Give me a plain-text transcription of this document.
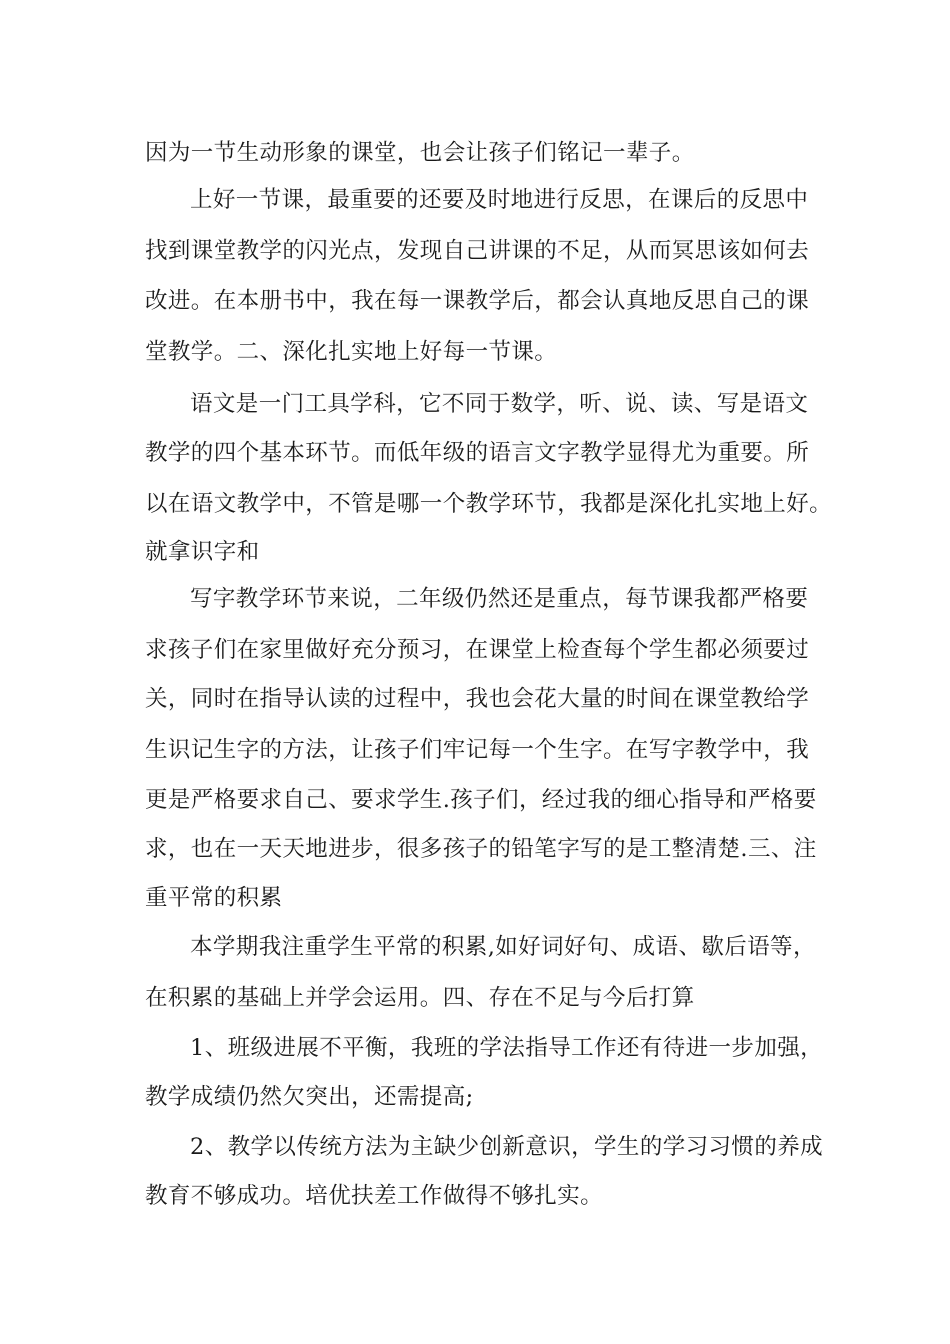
因为一节生动形象的课堂，也会让孩子们铭记一辈子。
上好一节课，最重要的还要及时地进行反思，在课后的反思中
找到课堂教学的闪光点，发现自己讲课的不足，从而冥思该如何去
改进。在本册书中，我在每一课教学后，都会认真地反思自己的课
堂教学。二、深化扎实地上好每一节课。
语文是一门工具学科，它不同于数学，听、说、读、写是语文
教学的四个基本环节。而低年级的语言文字教学显得尤为重要。所
以在语文教学中，不管是哪一个教学环节，我都是深化扎实地上好。
就拿识字和
写字教学环节来说，二年级仍然还是重点，每节课我都严格要
求孩子们在家里做好充分预习，在课堂上检查每个学生都必须要过
关，同时在指导认读的过程中，我也会花大量的时间在课堂教给学
生识记生字的方法，让孩子们牢记每一个生字。在写字教学中，我
更是严格要求自己、要求学生.孩子们，经过我的细心指导和严格要
求，也在一天天地进步，很多孩子的铅笔字写的是工整清楚.三、注
重平常的积累
本学期我注重学生平常的积累,如好词好句、成语、歇后语等，
在积累的基础上并学会运用。四、存在不足与今后打算
1、班级进展不平衡，我班的学法指导工作还有待进一步加强，
教学成绩仍然欠突出，还需提高;
2、教学以传统方法为主缺少创新意识，学生的学习习惯的养成
教育不够成功。培优扶差工作做得不够扎实。
